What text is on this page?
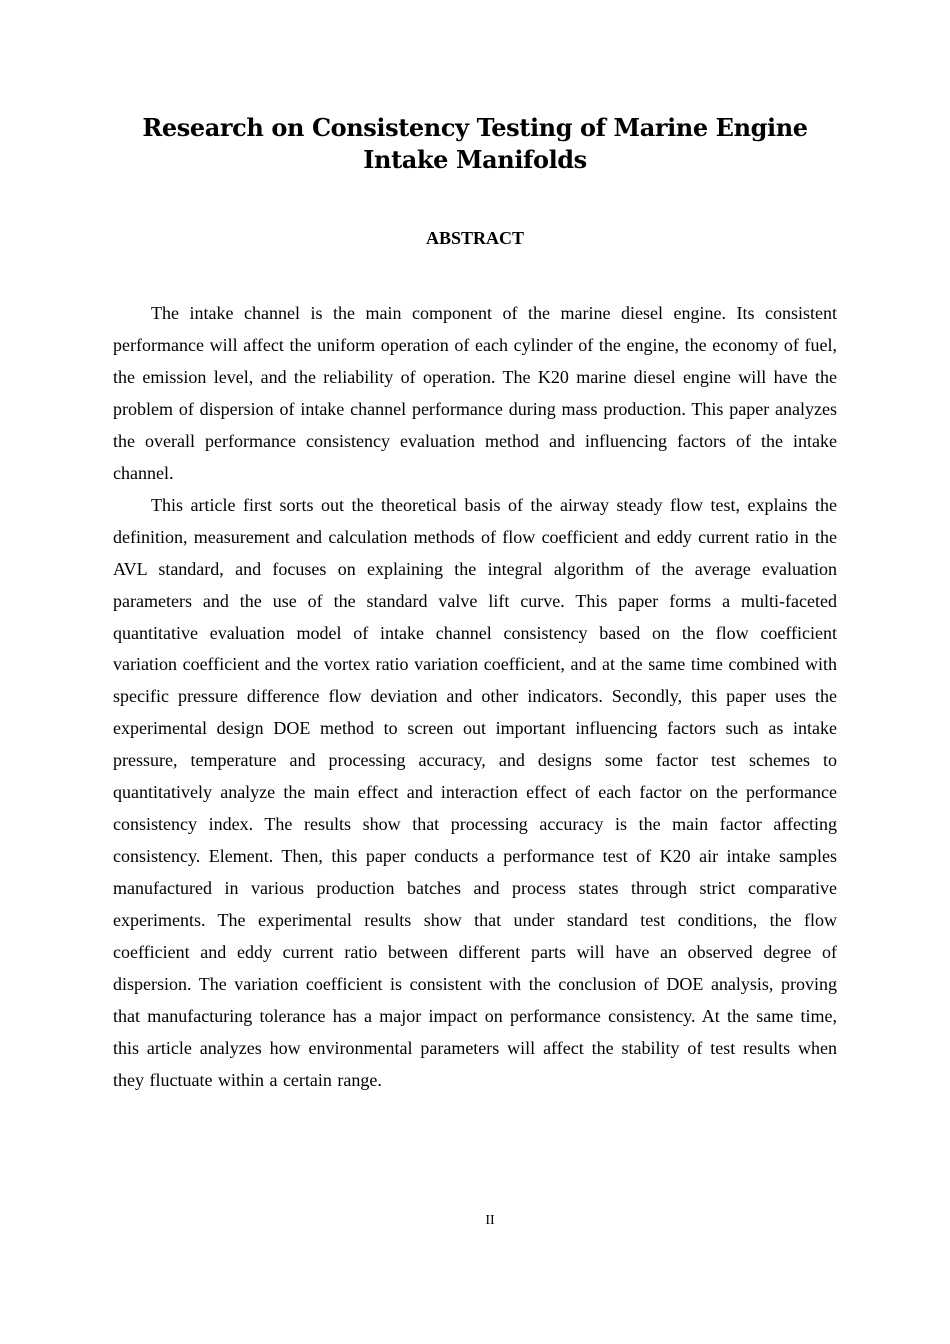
Research on Consistency Testing of Marine Engine Intake Manifolds
ABSTRACT

The intake channel is the main component of the marine diesel engine. Its consistent performance will affect the uniform operation of each cylinder of the engine, the economy of fuel, the emission level, and the reliability of operation. The K20 marine diesel engine will have the problem of dispersion of intake channel performance during mass production. This paper analyzes the overall performance consistency evaluation method and influencing factors of the intake channel.

This article first sorts out the theoretical basis of the airway steady flow test, explains the definition, measurement and calculation methods of flow coefficient and eddy current ratio in the AVL standard, and focuses on explaining the integral algorithm of the average evaluation parameters and the use of the standard valve lift curve. This paper forms a multi-faceted quantitative evaluation model of intake channel consistency based on the flow coefficient variation coefficient and the vortex ratio variation coefficient, and at the same time combined with specific pressure difference flow deviation and other indicators. Secondly, this paper uses the experimental design DOE method to screen out important influencing factors such as intake pressure, temperature and processing accuracy, and designs some factor test schemes to quantitatively analyze the main effect and interaction effect of each factor on the performance consistency index. The results show that processing accuracy is the main factor affecting consistency. Element. Then, this paper conducts a performance test of K20 air intake samples manufactured in various production batches and process states through strict comparative experiments. The experimental results show that under standard test conditions, the flow coefficient and eddy current ratio between different parts will have an observed degree of dispersion. The variation coefficient is consistent with the conclusion of DOE analysis, proving that manufacturing tolerance has a major impact on performance consistency. At the same time, this article analyzes how environmental parameters will affect the stability of test results when they fluctuate within a certain range.

II
